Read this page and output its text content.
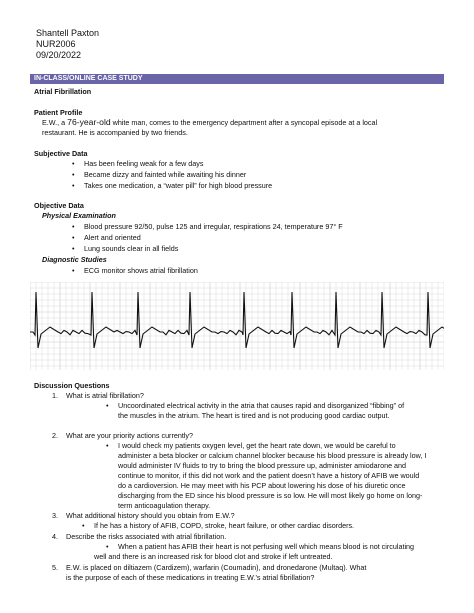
Shantell Paxton
NUR2006
09/20/2022
IN-CLASS/ONLINE CASE STUDY
Atrial Fibrillation
Patient Profile
E.W., a 76-year-old white man, comes to the emergency department after a syncopal episode at a local
restaurant. He is accompanied by two friends.
Subjective Data
• Has been feeling weak for a few days
• Became dizzy and fainted while awaiting his dinner
• Takes one medication, a “water pill” for high blood pressure
Objective Data
Physical Examination
• Blood pressure 92/50, pulse 125 and irregular, respirations 24, temperature 97° F
• Alert and oriented
• Lung sounds clear in all fields
Diagnostic Studies
• ECG monitor shows atrial fibrillation
Discussion Questions
1. What is atrial fibrillation?
• Uncoordinated electrical activity in the atria that causes rapid and disorganized “fibbing” of
the muscles in the atrium. The heart is tired and is not producing good cardiac output.
2. What are your priority actions currently?
• I would check my patients oxygen level, get the heart rate down, we would be careful to
administer a beta blocker or calcium channel blocker because his blood pressure is already low, I
would administer IV fluids to try to bring the blood pressure up, administer amiodarone and
continue to monitor, if this did not work and the patient doesn’t have a history of AFIB we would
do a cardioversion. He may meet with his PCP about lowering his dose of his diuretic once
discharging from the ED since his blood pressure is so low. He will most likely go home on long-
term anticoagulation therapy.
3. What additional history should you obtain from E.W.?
• If he has a history of AFIB, COPD, stroke, heart failure, or other cardiac disorders.
4. Describe the risks associated with atrial fibrillation.
• When a patient has AFIB their heart is not perfusing well which means blood is not circulating
well and there is an increased risk for blood clot and stroke if left untreated.
5. E.W. is placed on diltiazem (Cardizem), warfarin (Coumadin), and dronedarone (Multaq). What
is the purpose of each of these medications in treating E.W.’s atrial fibrillation?
